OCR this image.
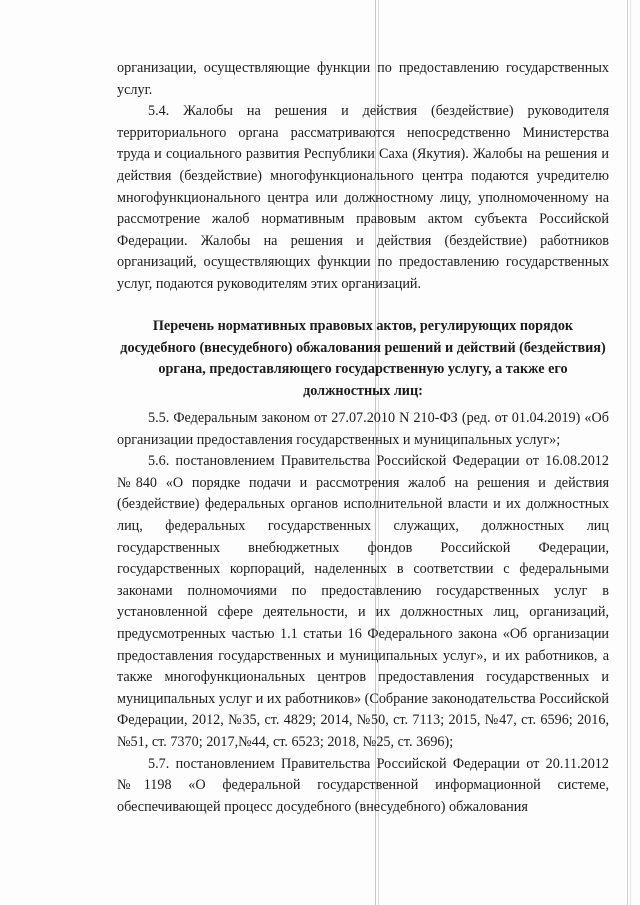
организации, осуществляющие функции по предоставлению государственных услуг.

5.4. Жалобы на решения и действия (бездействие) руководителя территориального органа рассматриваются непосредственно Министерства труда и социального развития Республики Саха (Якутия). Жалобы на решения и действия (бездействие) многофункционального центра подаются учредителю многофункционального центра или должностному лицу, уполномоченному на рассмотрение жалоб нормативным правовым актом субъекта Российской Федерации. Жалобы на решения и действия (бездействие) работников организаций, осуществляющих функции по предоставлению государственных услуг, подаются руководителям этих организаций.

Перечень нормативных правовых актов, регулирующих порядок досудебного (внесудебного) обжалования решений и действий (бездействия) органа, предоставляющего государственную услугу, а также его должностных лиц:

5.5. Федеральным законом от 27.07.2010 N 210-ФЗ (ред. от 01.04.2019) «Об организации предоставления государственных и муниципальных услуг»;

5.6. постановлением Правительства Российской Федерации от 16.08.2012 №840 «О порядке подачи и рассмотрения жалоб на решения и действия (бездействие) федеральных органов исполнительной власти и их должностных лиц, федеральных государственных служащих, должностных лиц государственных внебюджетных фондов Российской Федерации, государственных корпораций, наделенных в соответствии с федеральными законами полномочиями по предоставлению государственных услуг в установленной сфере деятельности, и их должностных лиц, организаций, предусмотренных частью 1.1 статьи 16 Федерального закона «Об организации предоставления государственных и муниципальных услуг», и их работников, а также многофункциональных центров предоставления государственных и муниципальных услуг и их работников» (Собрание законодательства Российской Федерации, 2012, №35, ст. 4829; 2014, №50, ст. 7113; 2015, №47, ст. 6596; 2016, №51, ст. 7370; 2017,№44, ст. 6523; 2018, №25, ст. 3696);

5.7. постановлением Правительства Российской Федерации от 20.11.2012 №1198 «О федеральной государственной информационной системе, обеспечивающей процесс досудебного (внесудебного) обжалования
